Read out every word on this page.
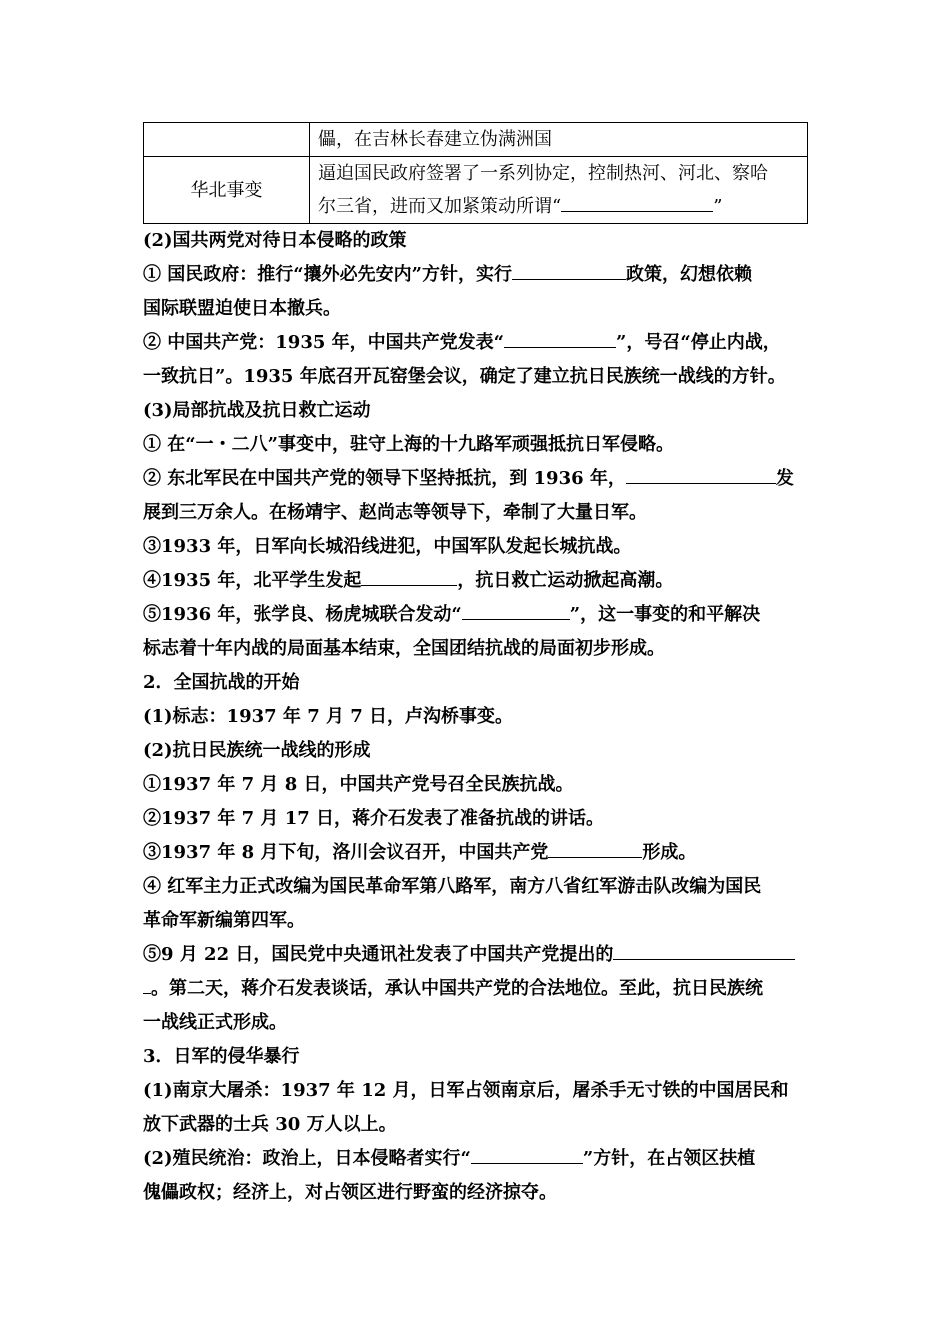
	儡，在吉林长春建立伪满洲国
华北事变	逼迫国民政府签署了一系列协定，控制热河、河北、察哈
尔三省，进而又加紧策动所谓“ ”
(2)国共两党对待日本侵略的政策
① 国民政府：推行“攘外必先安内”方针，实行	政策，幻想依赖
国际联盟迫使日本撤兵。
② 中国共产党：1935 年，中国共产党发表“	”，号召“停止内战，
一致抗日”。1935 年底召开瓦窑堡会议，确定了建立抗日民族统一战线的方针。
(3)局部抗战及抗日救亡运动
① 在“一・二八”事变中，驻守上海的十九路军顽强抵抗日军侵略。
② 东北军民在中国共产党的领导下坚持抵抗，到 1936 年，	发
展到三万余人。在杨靖宇、赵尚志等领导下，牵制了大量日军。
③1933 年，日军向长城沿线进犯，中国军队发起长城抗战。
④1935 年，北平学生发起	，抗日救亡运动掀起高潮。
⑤1936 年，张学良、杨虎城联合发动“	”，这一事变的和平解决
标志着十年内战的局面基本结束，全国团结抗战的局面初步形成。
2．全国抗战的开始
(1)标志：1937 年 7 月 7 日，卢沟桥事变。
(2)抗日民族统一战线的形成
①1937 年 7 月 8 日，中国共产党号召全民族抗战。
②1937 年 7 月 17 日，蒋介石发表了准备抗战的讲话。
③1937 年 8 月下旬，洛川会议召开，中国共产党	形成。
④ 红军主力正式改编为国民革命军第八路军，南方八省红军游击队改编为国民
革命军新编第四军。
⑤9 月 22 日，国民党中央通讯社发表了中国共产党提出的
。第二天，蒋介石发表谈话，承认中国共产党的合法地位。至此，抗日民族统
一战线正式形成。
3．日军的侵华暴行
(1)南京大屠杀：1937 年 12 月，日军占领南京后，屠杀手无寸铁的中国居民和
放下武器的士兵 30 万人以上。
(2)殖民统治：政治上，日本侵略者实行“	”方针，在占领区扶植
傀儡政权；经济上，对占领区进行野蛮的经济掠夺。
